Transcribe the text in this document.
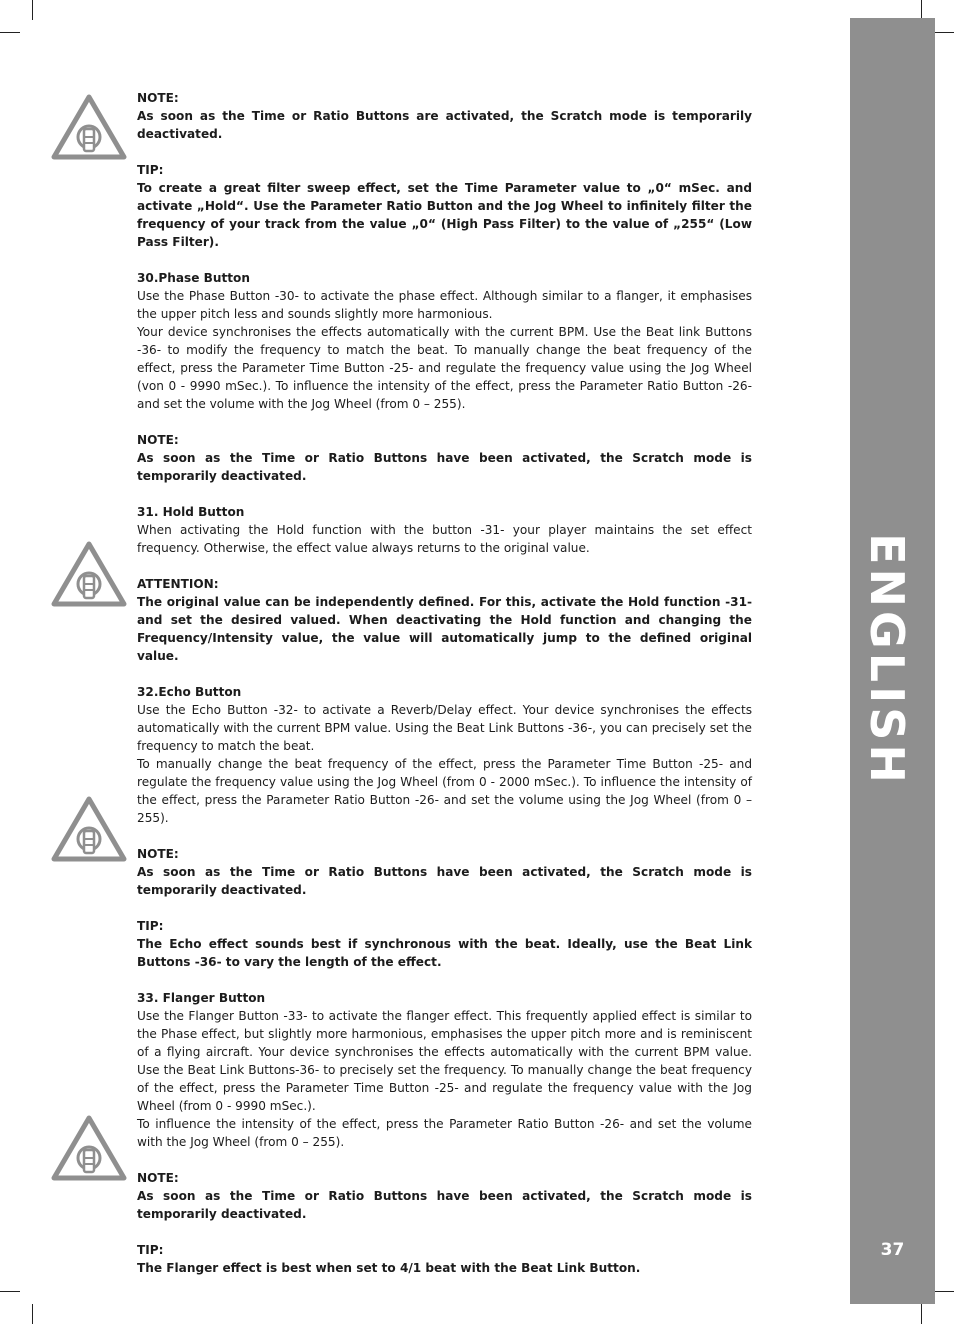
ENGLISH
37

NOTE:

As soon as the Time or Ratio Buttons are activated, the Scratch mode is temporarily deactivated.

TIP:

To create a great filter sweep effect, set the Time Parameter value to „0“ mSec. and activate „Hold“. Use the Parameter Ratio Button and the Jog Wheel to infinitely filter the frequency of your track from the value „0“ (High Pass Filter) to the value of „255“ (Low Pass Filter).

30.Phase Button

Use the Phase Button -30- to activate the phase effect. Although similar to a flanger, it emphasises the upper pitch less and sounds slightly more harmonious.

Your device synchronises the effects automatically with the current BPM. Use the Beat link Buttons -36- to modify the frequency to match the beat. To manually change the beat frequency of the effect, press the Parameter Time Button -25- and regulate the frequency value using the Jog Wheel (von 0 - 9990 mSec.). To influence the intensity of the effect, press the Parameter Ratio Button -26- and set the volume with the Jog Wheel (from 0 – 255).

NOTE:

As soon as the Time or Ratio Buttons have been activated, the Scratch mode is temporarily deactivated.

31. Hold Button

When activating the Hold function with the button -31- your player maintains the set effect frequency. Otherwise, the effect value always returns to the original value.

ATTENTION:

The original value can be independently defined. For this, activate the Hold function -31- and set the desired valued. When deactivating the Hold function and changing the Frequency/Intensity value, the value will automatically jump to the defined original value.

32.Echo Button

Use the Echo Button -32- to activate a Reverb/Delay effect. Your device synchronises the effects automatically with the current BPM value. Using the Beat Link Buttons -36-, you can precisely set the frequency to match the beat.

To manually change the beat frequency of the effect, press the Parameter Time Button -25- and regulate the frequency value using the Jog Wheel (from 0 - 2000 mSec.). To influence the intensity of the effect, press the Parameter Ratio Button -26- and set the volume using the Jog Wheel (from 0 – 255).

NOTE:

As soon as the Time or Ratio Buttons have been activated, the Scratch mode is temporarily deactivated.

TIP:

The Echo effect sounds best if synchronous with the beat. Ideally, use the Beat Link Buttons -36- to vary the length of the effect.

33. Flanger Button

Use the Flanger Button -33- to activate the flanger effect. This frequently applied effect is similar to the Phase effect, but slightly more harmonious, emphasises the upper pitch more and is reminiscent of a flying aircraft. Your device synchronises the effects automatically with the current BPM value. Use the Beat Link Buttons-36- to precisely set the frequency. To manually change the beat frequency of the effect, press the Parameter Time Button -25- and regulate the frequency value with the Jog Wheel (from 0 - 9990 mSec.).

To influence the intensity of the effect, press the Parameter Ratio Button -26- and set the volume with the Jog Wheel (from 0 – 255).

NOTE:

As soon as the Time or Ratio Buttons have been activated, the Scratch mode is temporarily deactivated.

TIP:

The Flanger effect is best when set to 4/1 beat with the Beat Link Button.
